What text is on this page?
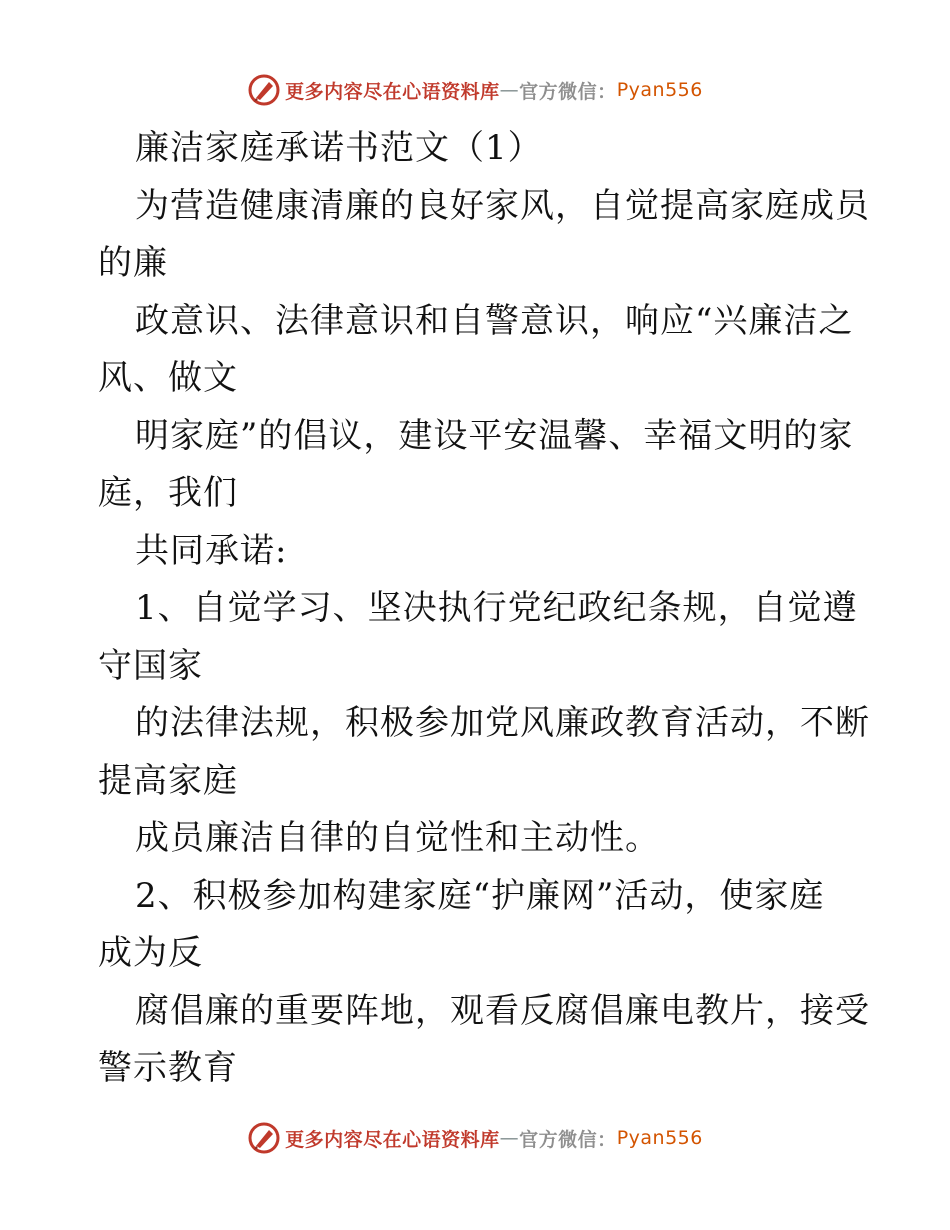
更多内容尽在心语资料库 — 官方微信： Pyan556
廉洁家庭承诺书范文（1）
为营造健康清廉的良好家风，自觉提高家庭成员
的廉
政意识、法律意识和自警意识，响应“兴廉洁之
风、做文
明家庭”的倡议，建设平安温馨、幸福文明的家
庭，我们
共同承诺:
1、自觉学习、坚决执行党纪政纪条规，自觉遵
守国家
的法律法规，积极参加党风廉政教育活动，不断
提高家庭
成员廉洁自律的自觉性和主动性。
2、积极参加构建家庭“护廉网”活动，使家庭
成为反
腐倡廉的重要阵地，观看反腐倡廉电教片，接受
警示教育
更多内容尽在心语资料库 — 官方微信： Pyan556
